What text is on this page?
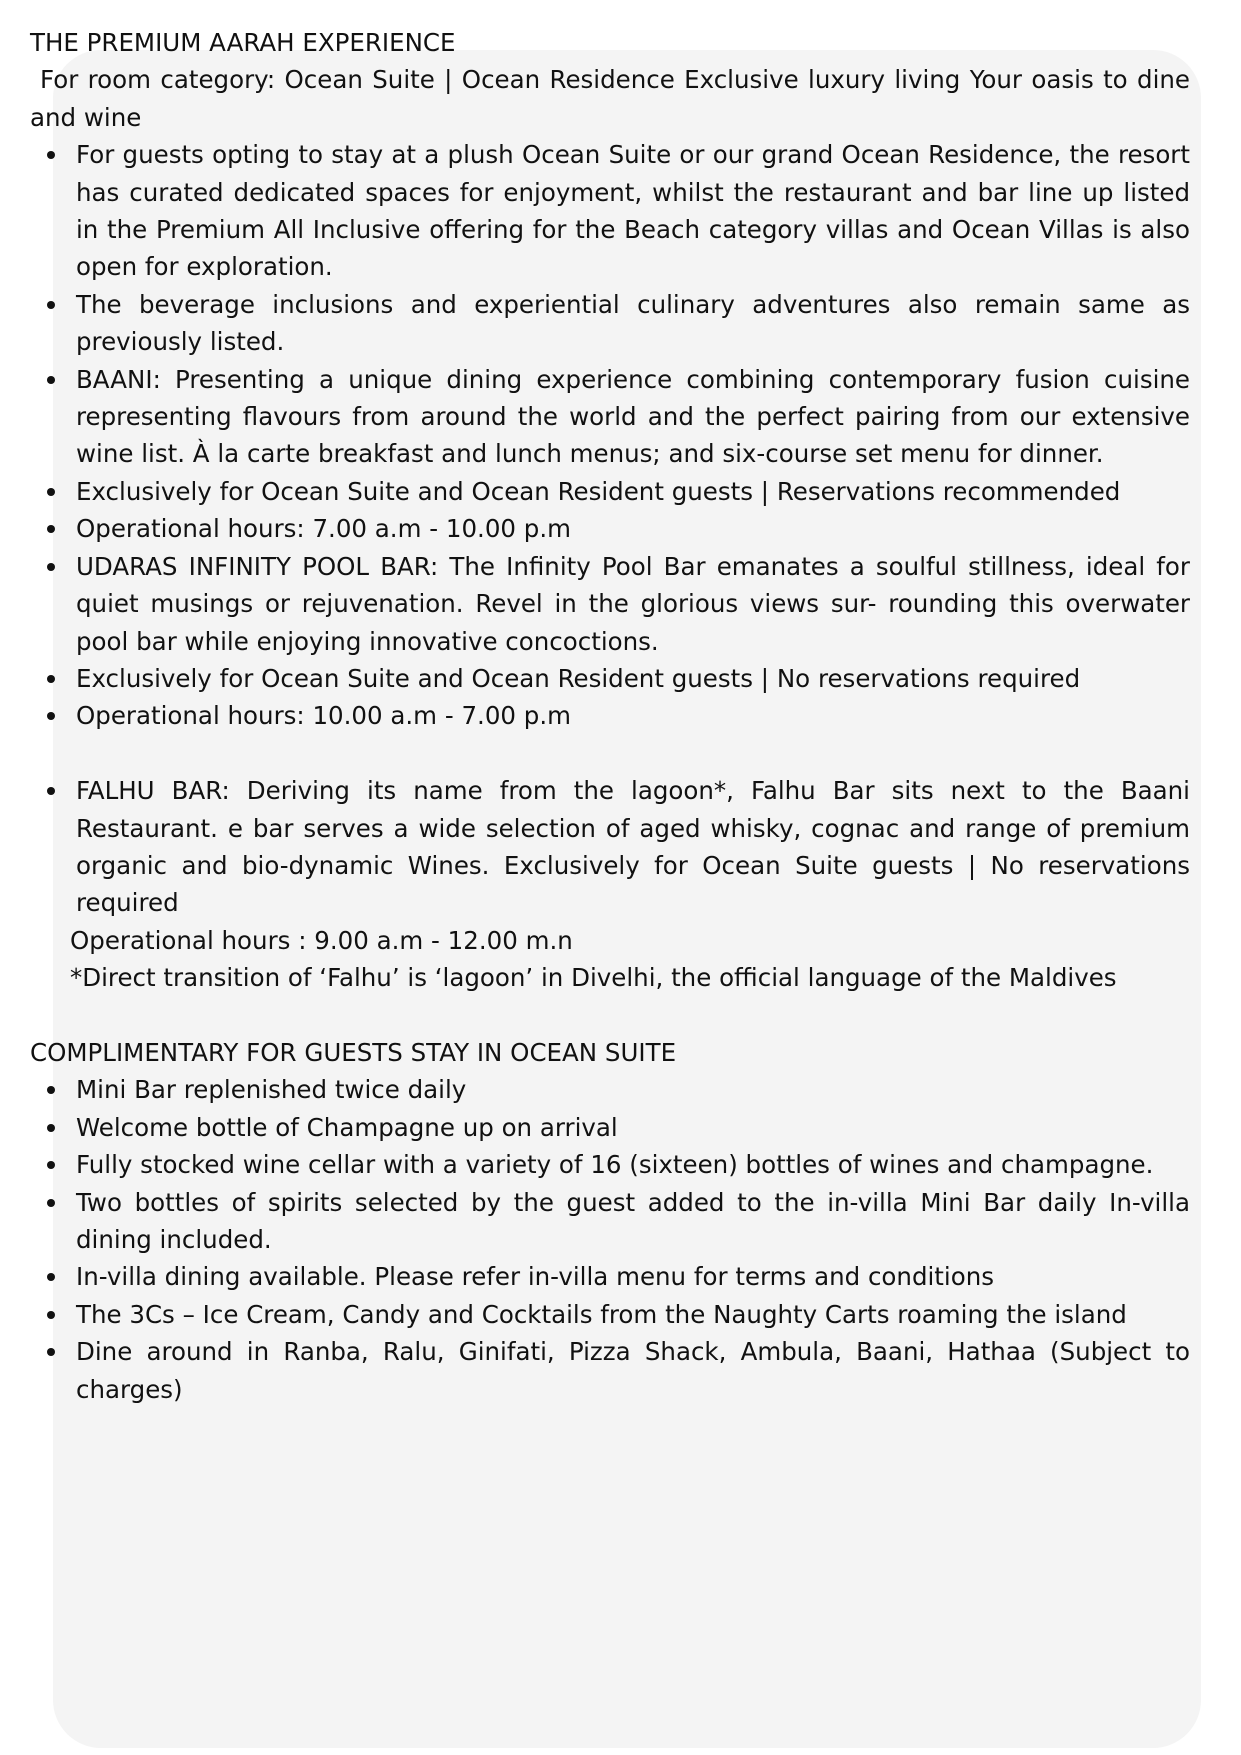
THE PREMIUM AARAH EXPERIENCE

For room category: Ocean Suite | Ocean Residence Exclusive luxury living Your oasis to dine and wine

For guests opting to stay at a plush Ocean Suite or our grand Ocean Residence, the resort has curated dedicated spaces for enjoyment, whilst the restaurant and bar line up listed in the Premium All Inclusive offering for the Beach category villas and Ocean Villas is also open for exploration.
The beverage inclusions and experiential culinary adventures also remain same as previously listed.
BAANI: Presenting a unique dining experience combining contemporary fusion cuisine representing flavours from around the world and the perfect pairing from our extensive wine list. À la carte breakfast and lunch menus; and six-course set menu for dinner.
Exclusively for Ocean Suite and Ocean Resident guests | Reservations recommended
Operational hours: 7.00 a.m - 10.00 p.m
UDARAS INFINITY POOL BAR: The Infinity Pool Bar emanates a soulful stillness, ideal for quiet musings or rejuvenation. Revel in the glorious views sur- rounding this overwater pool bar while enjoying innovative concoctions.
Exclusively for Ocean Suite and Ocean Resident guests | No reservations required
Operational hours: 10.00 a.m - 7.00 p.m
FALHU BAR: Deriving its name from the lagoon*, Falhu Bar sits next to the Baani Restaurant. e bar serves a wide selection of aged whisky, cognac and range of premium organic and bio-dynamic Wines. Exclusively for Ocean Suite guests | No reservations required

Operational hours : 9.00 a.m - 12.00 m.n

*Direct transition of ‘Falhu’ is ‘lagoon’ in Divelhi, the official language of the Maldives

COMPLIMENTARY FOR GUESTS STAY IN OCEAN SUITE
Mini Bar replenished twice daily
Welcome bottle of Champagne up on arrival
Fully stocked wine cellar with a variety of 16 (sixteen) bottles of wines and champagne.
Two bottles of spirits selected by the guest added to the in-villa Mini Bar daily In-villa dining included.
In-villa dining available. Please refer in-villa menu for terms and conditions
The 3Cs – Ice Cream, Candy and Cocktails from the Naughty Carts roaming the island
Dine around in Ranba, Ralu, Ginifati, Pizza Shack, Ambula, Baani, Hathaa (Subject to charges)
